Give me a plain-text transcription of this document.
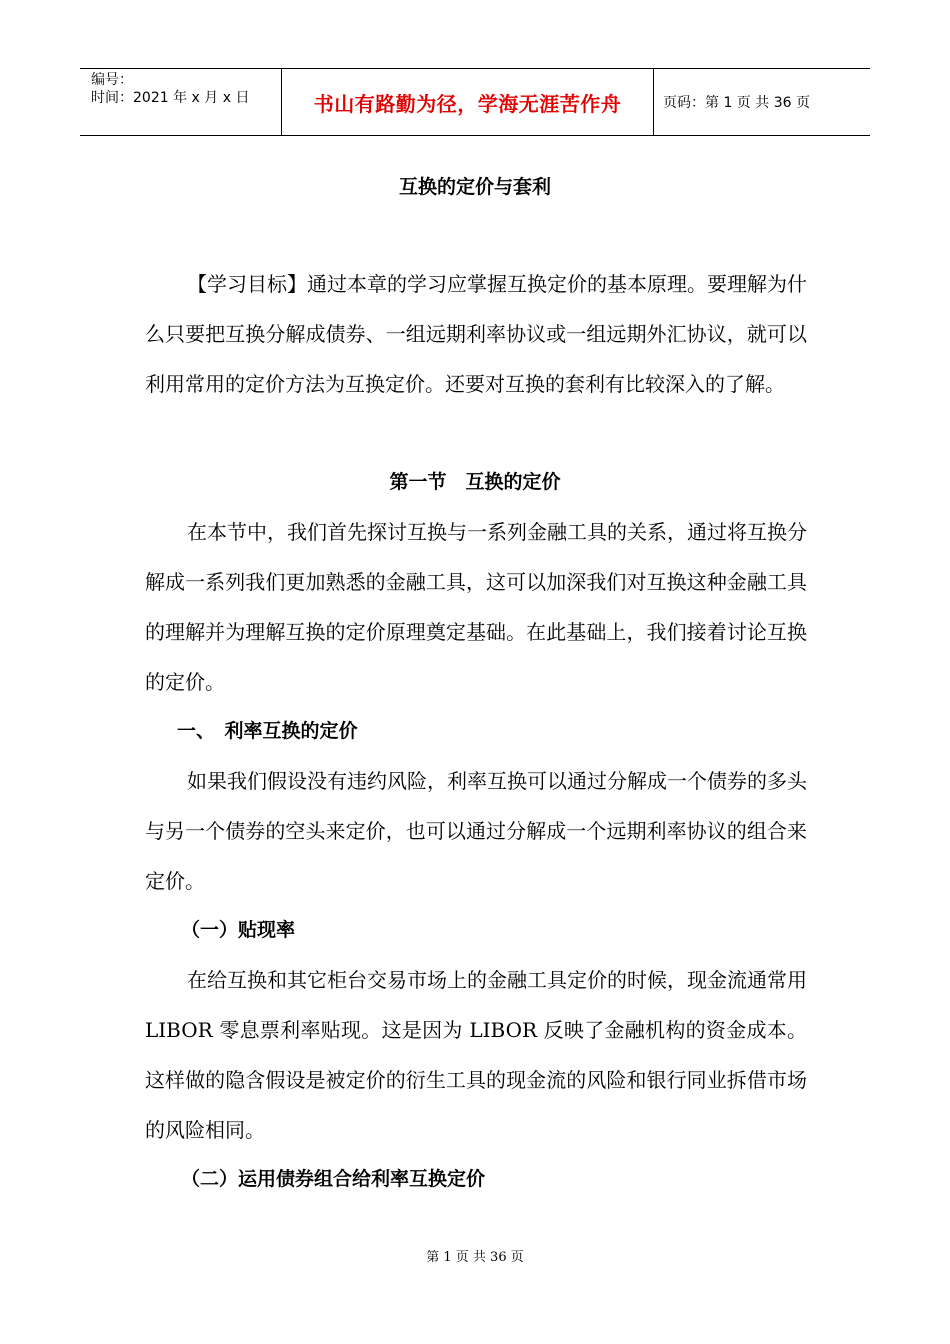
编号：
时间：2021 年 x 月 x 日	书山有路勤为径，学海无涯苦作舟	页码：第 1 页 共 36 页
互换的定价与套利

【学习目标】通过本章的学习应掌握互换定价的基本原理。要理解为什么只要把互换分解成债券、一组远期利率协议或一组远期外汇协议，就可以利用常用的定价方法为互换定价。还要对互换的套利有比较深入的了解。

第一节　互换的定价

在本节中，我们首先探讨互换与一系列金融工具的关系，通过将互换分解成一系列我们更加熟悉的金融工具，这可以加深我们对互换这种金融工具的理解并为理解互换的定价原理奠定基础。在此基础上，我们接着讨论互换的定价。

一、　利率互换的定价

如果我们假设没有违约风险，利率互换可以通过分解成一个债券的多头与另一个债券的空头来定价，也可以通过分解成一个远期利率协议的组合来定价。

（一）贴现率

在给互换和其它柜台交易市场上的金融工具定价的时候，现金流通常用 LIBOR 零息票利率贴现。这是因为 LIBOR 反映了金融机构的资金成本。这样做的隐含假设是被定价的衍生工具的现金流的风险和银行同业拆借市场的风险相同。

（二）运用债券组合给利率互换定价
第 1 页 共 36 页
